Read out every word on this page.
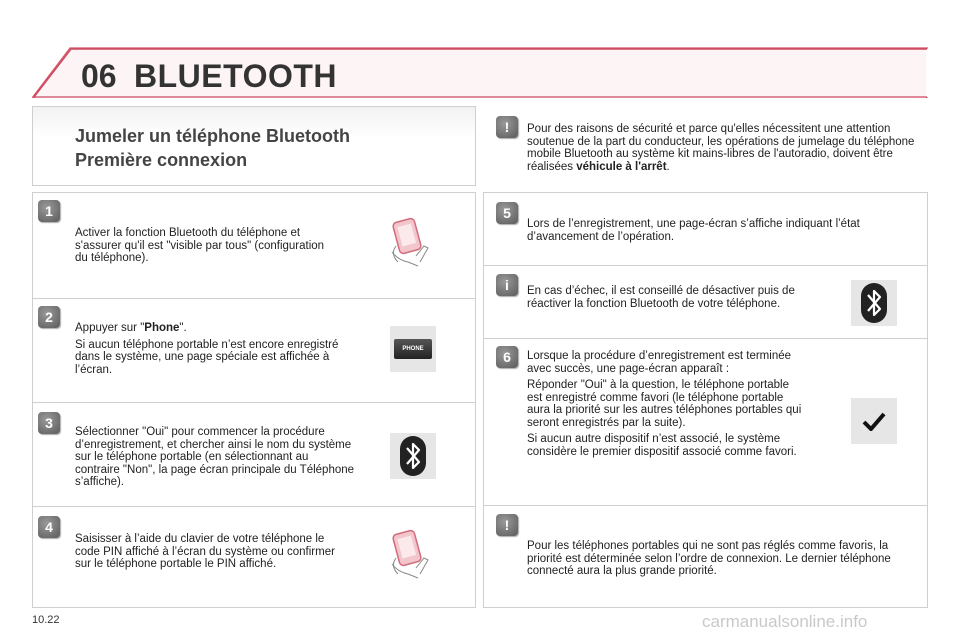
06 BLUETOOTH
Jumeler un téléphone Bluetooth
Première connexion
!	Pour des raisons de sécurité et parce qu'elles nécessitent une attention soutenue de la part du conducteur, les opérations de jumelage du téléphone mobile Bluetooth au système kit mains-libres de l'autoradio, doivent être réalisées véhicule à l'arrêt.
1
Activer la fonction Bluetooth du téléphone et s'assurer qu'il est "visible par tous" (configuration du téléphone).
2

Appuyer sur "Phone".

Si aucun téléphone portable n’est encore enregistré dans le système, une page spéciale est affichée à l’écran.

PHONE
3
Sélectionner "Oui" pour commencer la procédure d’enregistrement, et chercher ainsi le nom du système sur le téléphone portable (en sélectionnant au contraire "Non", la page écran principale du Téléphone s’affiche).
4
Saisisser à l’aide du clavier de votre téléphone le code PIN affiché à l’écran du système ou confirmer sur le téléphone portable le PIN affiché.
5
Lors de l’enregistrement, une page-écran s’affiche indiquant l’état d’avancement de l’opération.
i	En cas d’échec, il est conseillé de désactiver puis de réactiver la fonction Bluetooth de votre téléphone.
6	Lorsque la procédure d’enregistrement est terminée avec succès, une page-écran apparaît :

Réponder "Oui" à la question, le téléphone portable est enregistré comme favori (le téléphone portable aura la priorité sur les autres téléphones portables qui seront enregistrés par la suite).

Si aucun autre dispositif n’est associé, le système considère le premier dispositif associé comme favori.

!
Pour les téléphones portables qui ne sont pas réglés comme favoris, la priorité est déterminée selon l’ordre de connexion. Le dernier téléphone connecté aura la plus grande priorité.
10.22	carmanualsonline.info
